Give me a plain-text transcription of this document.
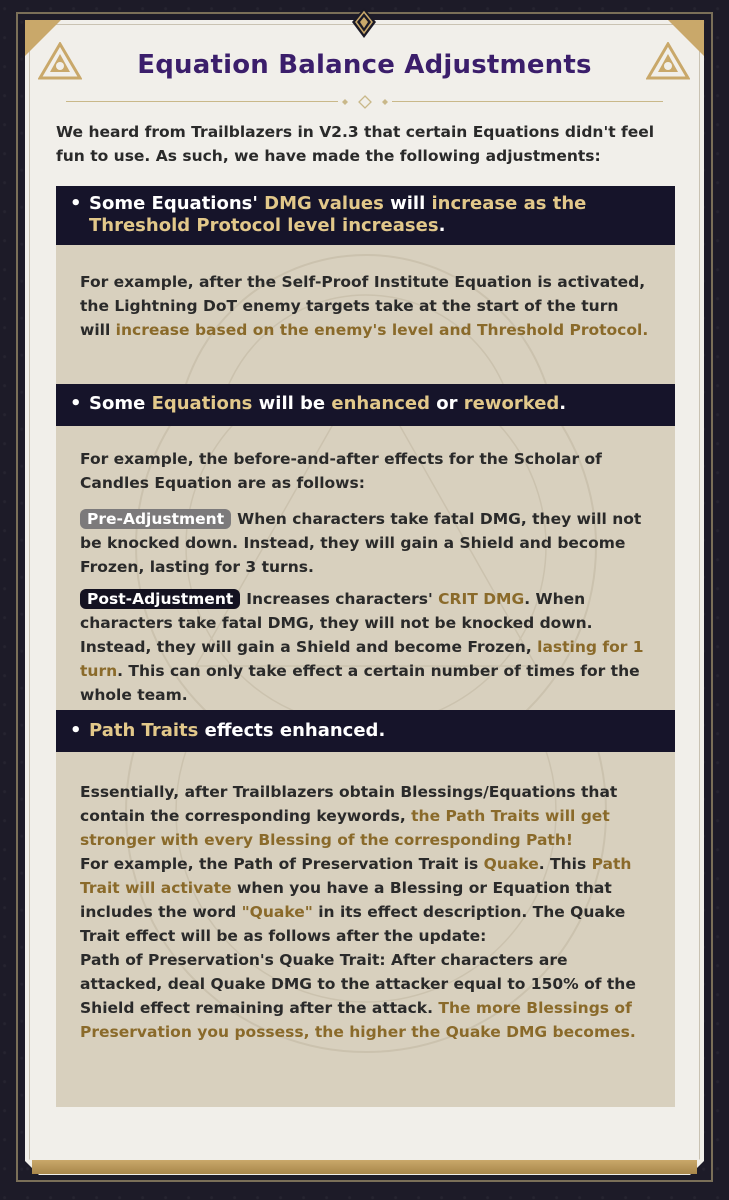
Equation Balance Adjustments
We heard from Trailblazers in V2.3 that certain Equations didn't feel fun to use. As such, we have made the following adjustments:
• Some Equations' DMG values will increase as the Threshold Protocol level increases.

For example, after the Self-Proof Institute Equation is activated, the Lightning DoT enemy targets take at the start of the turn will increase based on the enemy's level and Threshold Protocol.

• Some Equations will be enhanced or reworked.

For example, the before-and-after effects for the Scholar of Candles Equation are as follows:

Pre-Adjustment When characters take fatal DMG, they will not be knocked down. Instead, they will gain a Shield and become Frozen, lasting for 3 turns.

Post-Adjustment Increases characters' CRIT DMG. When characters take fatal DMG, they will not be knocked down. Instead, they will gain a Shield and become Frozen, lasting for 1 turn. This can only take effect a certain number of times for the whole team.

• Path Traits effects enhanced.

Essentially, after Trailblazers obtain Blessings/Equations that contain the corresponding keywords, the Path Traits will get stronger with every Blessing of the corresponding Path!

For example, the Path of Preservation Trait is Quake. This Path Trait will activate when you have a Blessing or Equation that includes the word "Quake" in its effect description. The Quake Trait effect will be as follows after the update:

Path of Preservation's Quake Trait: After characters are attacked, deal Quake DMG to the attacker equal to 150% of the Shield effect remaining after the attack. The more Blessings of Preservation you possess, the higher the Quake DMG becomes.
